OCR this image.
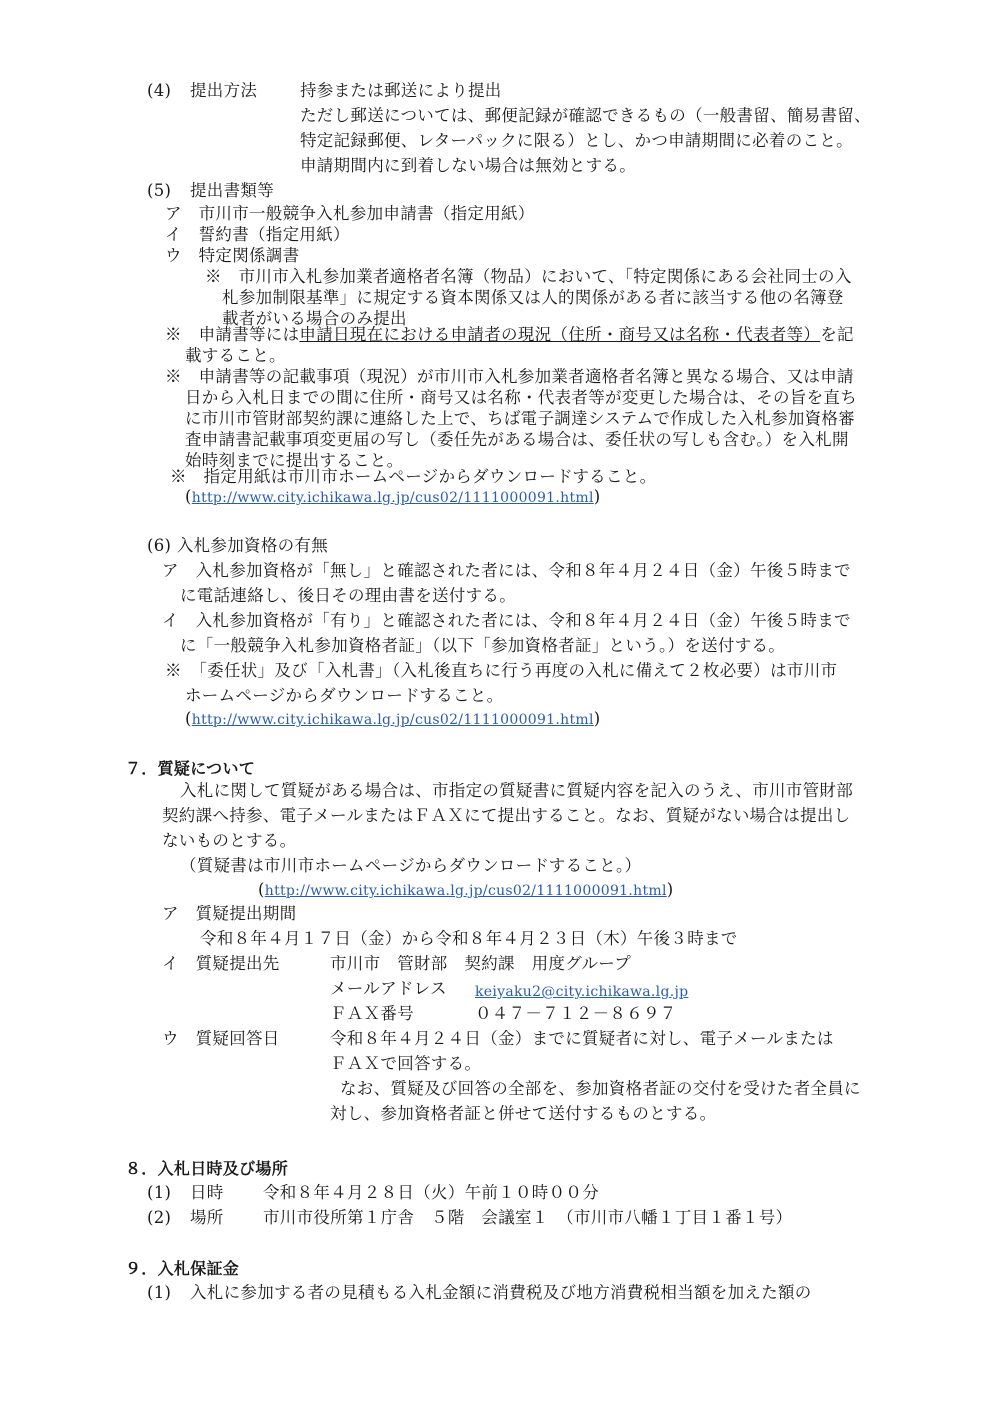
(4) 提出方法	持参または郵送により提出
ただし郵送については、郵便記録が確認できるもの（一般書留、簡易書留、
特定記録郵便、レターパックに限る）とし、かつ申請期間に必着のこと。
申請期間内に到着しない場合は無効とする。
(5) 提出書類等
ア　市川市一般競争入札参加申請書（指定用紙）
イ　誓約書（指定用紙）
ウ　特定関係調書
※　市川市入札参加業者適格者名簿（物品）において、「特定関係にある会社同士の入
札参加制限基準」に規定する資本関係又は人的関係がある者に該当する他の名簿登
載者がいる場合のみ提出
※　申請書等には申請日現在における申請者の現況（住所・商号又は名称・代表者等）を記
載すること。
※　申請書等の記載事項（現況）が市川市入札参加業者適格者名簿と異なる場合、又は申請
日から入札日までの間に住所・商号又は名称・代表者等が変更した場合は、その旨を直ち
に市川市管財部契約課に連絡した上で、ちば電子調達システムで作成した入札参加資格審
査申請書記載事項変更届の写し（委任先がある場合は、委任状の写しも含む。）を入札開
始時刻までに提出すること。
※　指定用紙は市川市ホームページからダウンロードすること。
(http://www.city.ichikawa.lg.jp/cus02/1111000091.html)
(6) 入札参加資格の有無
ア　入札参加資格が「無し」と確認された者には、令和８年４月２４日（金）午後５時まで
に電話連絡し、後日その理由書を送付する。
イ　入札参加資格が「有り」と確認された者には、令和８年４月２４日（金）午後５時まで
に「一般競争入札参加資格者証」（以下「参加資格者証」という。）を送付する。
※　「委任状」及び「入札書」（入札後直ちに行う再度の入札に備えて２枚必要）は市川市
ホームページからダウンロードすること。
(http://www.city.ichikawa.lg.jp/cus02/1111000091.html)
７．質疑について
入札に関して質疑がある場合は、市指定の質疑書に質疑内容を記入のうえ、市川市管財部
契約課へ持参、電子メールまたはＦＡＸにて提出すること。なお、質疑がない場合は提出し
ないものとする。
（質疑書は市川市ホームページからダウンロードすること。）
(http://www.city.ichikawa.lg.jp/cus02/1111000091.html)
ア　質疑提出期間
令和８年４月１７日（金）から令和８年４月２３日（木）午後３時まで
イ　質疑提出先	市川市　管財部　契約課　用度グループ
メールアドレス keiyaku2@city.ichikawa.lg.jp
ＦＡＸ番号	０４７－７１２－８６９７
ウ　質疑回答日	令和８年４月２４日（金）までに質疑者に対し、電子メールまたは
ＦＡＸで回答する。
なお、質疑及び回答の全部を、参加資格者証の交付を受けた者全員に
対し、参加資格者証と併せて送付するものとする。
８．入札日時及び場所
(1) 日時 令和８年４月２８日（火）午前１０時００分
(2) 場所 市川市役所第１庁舎　５階　会議室１　（市川市八幡１丁目１番１号）
９．入札保証金
(1) 入札に参加する者の見積もる入札金額に消費税及び地方消費税相当額を加えた額の
